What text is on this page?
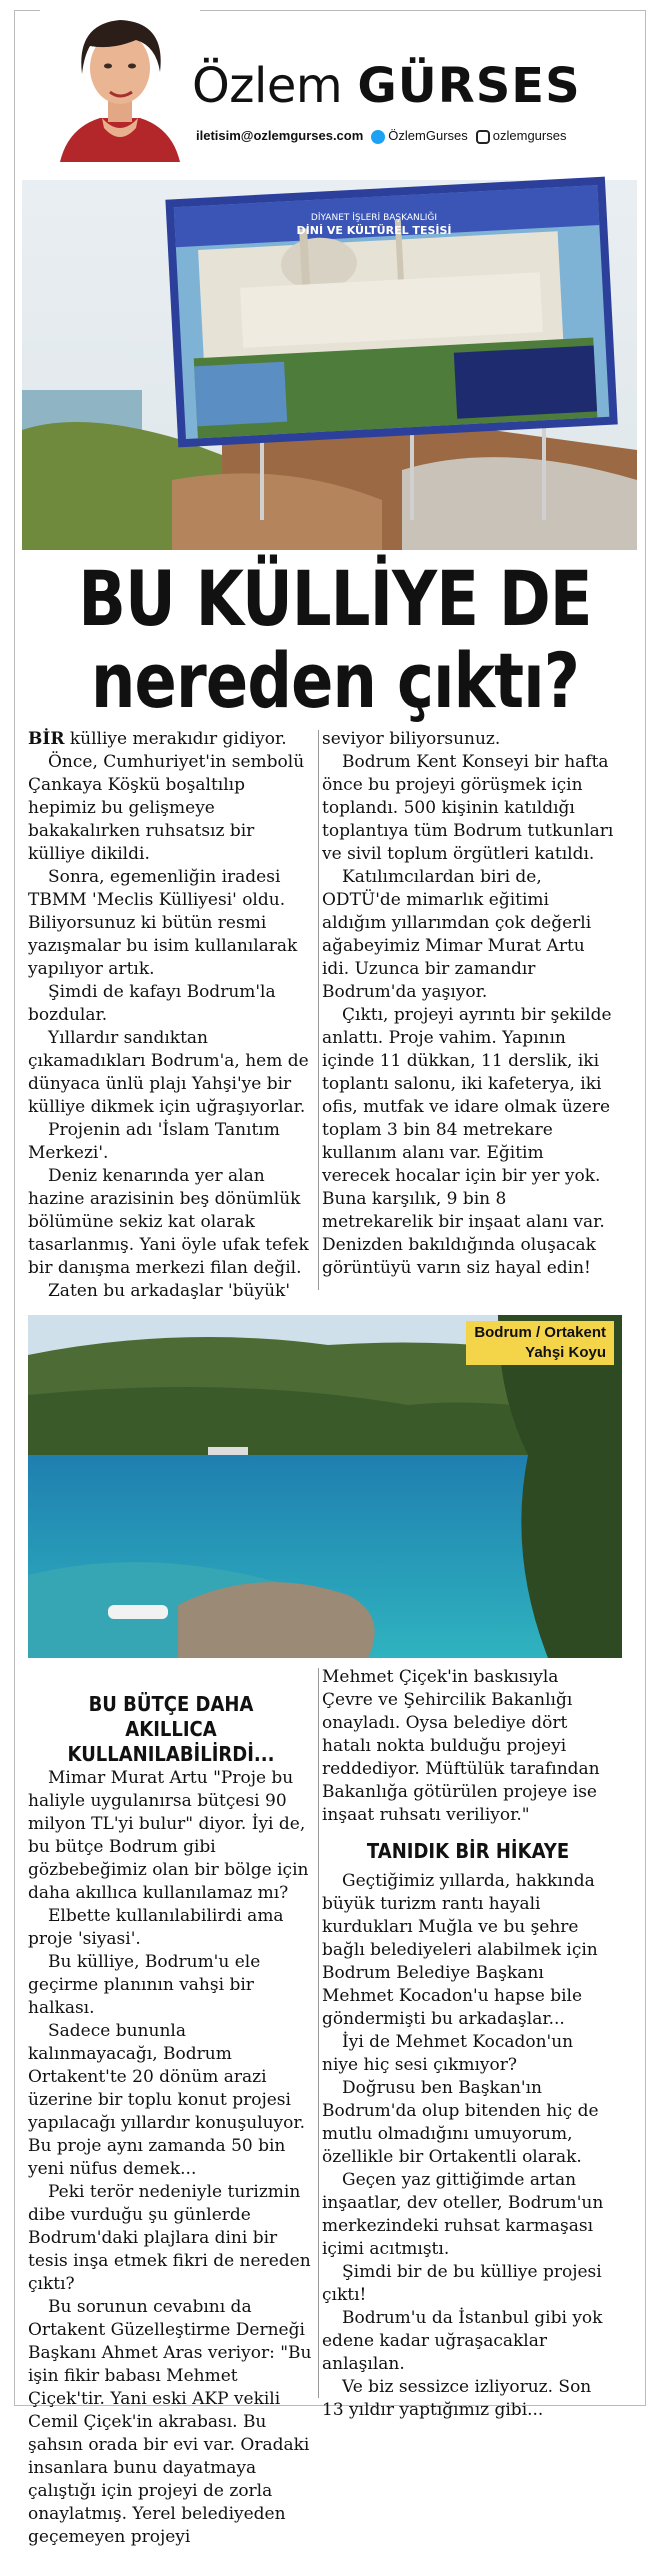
Özlem GÜRSES
iletisim@ozlemgurses.com	ÖzlemGurses	ozlemgurses
DİYANET İŞLERİ BAŞKANLIĞI
DİNİ VE KÜLTÜREL TESİSİ
BU KÜLLİYE DE
nereden çıktı?

BİR külliye merakıdır gidiyor.

Önce, Cumhuriyet'in sembolü Çankaya Köşkü boşaltılıp hepimiz bu gelişmeye bakakalırken ruhsatsız bir külliye dikildi.

Sonra, egemenliğin iradesi TBMM 'Meclis Külliyesi' oldu. Biliyorsunuz ki bütün resmi yazışmalar bu isim kullanılarak yapılıyor artık.

Şimdi de kafayı Bodrum'la bozdular.

Yıllardır sandıktan çıkamadıkları Bodrum'a, hem de dünyaca ünlü plajı Yahşi'ye bir külliye dikmek için uğraşıyorlar.

Projenin adı 'İslam Tanıtım Merkezi'.

Deniz kenarında yer alan hazine arazisinin beş dönümlük bölümüne sekiz kat olarak tasarlanmış. Yani öyle ufak tefek bir danışma merkezi filan değil.

Zaten bu arkadaşlar 'büyük'

seviyor biliyorsunuz.

Bodrum Kent Konseyi bir hafta önce bu projeyi görüşmek için toplandı. 500 kişinin katıldığı toplantıya tüm Bodrum tutkunları ve sivil toplum örgütleri katıldı.

Katılımcılardan biri de, ODTÜ'de mimarlık eğitimi aldığım yıllarımdan çok değerli ağabeyimiz Mimar Murat Artu idi. Uzunca bir zamandır Bodrum'da yaşıyor.

Çıktı, projeyi ayrıntı bir şekilde anlattı. Proje vahim. Yapının içinde 11 dükkan, 11 derslik, iki toplantı salonu, iki kafeterya, iki ofis, mutfak ve idare olmak üzere toplam 3 bin 84 metrekare kullanım alanı var. Eğitim verecek hocalar için bir yer yok. Buna karşılık, 9 bin 8 metrekarelik bir inşaat alanı var. Denizden bakıldığında oluşacak görüntüyü varın siz hayal edin!

Bodrum / Ortakent
Yahşi Koyu
BU BÜTÇE DAHA AKILLICA KULLANILABİLİRDİ...

Mimar Murat Artu "Proje bu haliyle uygulanırsa bütçesi 90 milyon TL'yi bulur" diyor. İyi de, bu bütçe Bodrum gibi gözbebeğimiz olan bir bölge için daha akıllıca kullanılamaz mı?

Elbette kullanılabilirdi ama proje 'siyasi'.

Bu külliye, Bodrum'u ele geçirme planının vahşi bir halkası.

Sadece bununla kalınmayacağı, Bodrum Ortakent'te 20 dönüm arazi üzerine bir toplu konut projesi yapılacağı yıllardır konuşuluyor. Bu proje aynı zamanda 50 bin yeni nüfus demek...

Peki terör nedeniyle turizmin dibe vurduğu şu günlerde Bodrum'daki plajlara dini bir tesis inşa etmek fikri de nereden çıktı?

Bu sorunun cevabını da Ortakent Güzelleştirme Derneği Başkanı Ahmet Aras veriyor: "Bu işin fikir babası Mehmet Çiçek'tir. Yani eski AKP vekili Cemil Çiçek'in akrabası. Bu şahsın orada bir evi var. Oradaki insanlara bunu dayatmaya çalıştığı için projeyi de zorla onaylatmış. Yerel belediyeden geçemeyen projeyi

Mehmet Çiçek'in baskısıyla Çevre ve Şehircilik Bakanlığı onayladı. Oysa belediye dört hatalı nokta bulduğu projeyi reddediyor. Müftülük tarafından Bakanlığa götürülen projeye ise inşaat ruhsatı veriliyor."

TANIDIK BİR HİKAYE

Geçtiğimiz yıllarda, hakkında büyük turizm rantı hayali kurdukları Muğla ve bu şehre bağlı belediyeleri alabilmek için Bodrum Belediye Başkanı Mehmet Kocadon'u hapse bile göndermişti bu arkadaşlar...

İyi de Mehmet Kocadon'un niye hiç sesi çıkmıyor?

Doğrusu ben Başkan'ın Bodrum'da olup bitenden hiç de mutlu olmadığını umuyorum, özellikle bir Ortakentli olarak.

Geçen yaz gittiğimde artan inşaatlar, dev oteller, Bodrum'un merkezindeki ruhsat karmaşası içimi acıtmıştı.

Şimdi bir de bu külliye projesi çıktı!

Bodrum'u da İstanbul gibi yok edene kadar uğraşacaklar anlaşılan.

Ve biz sessizce izliyoruz. Son 13 yıldır yaptığımız gibi...
